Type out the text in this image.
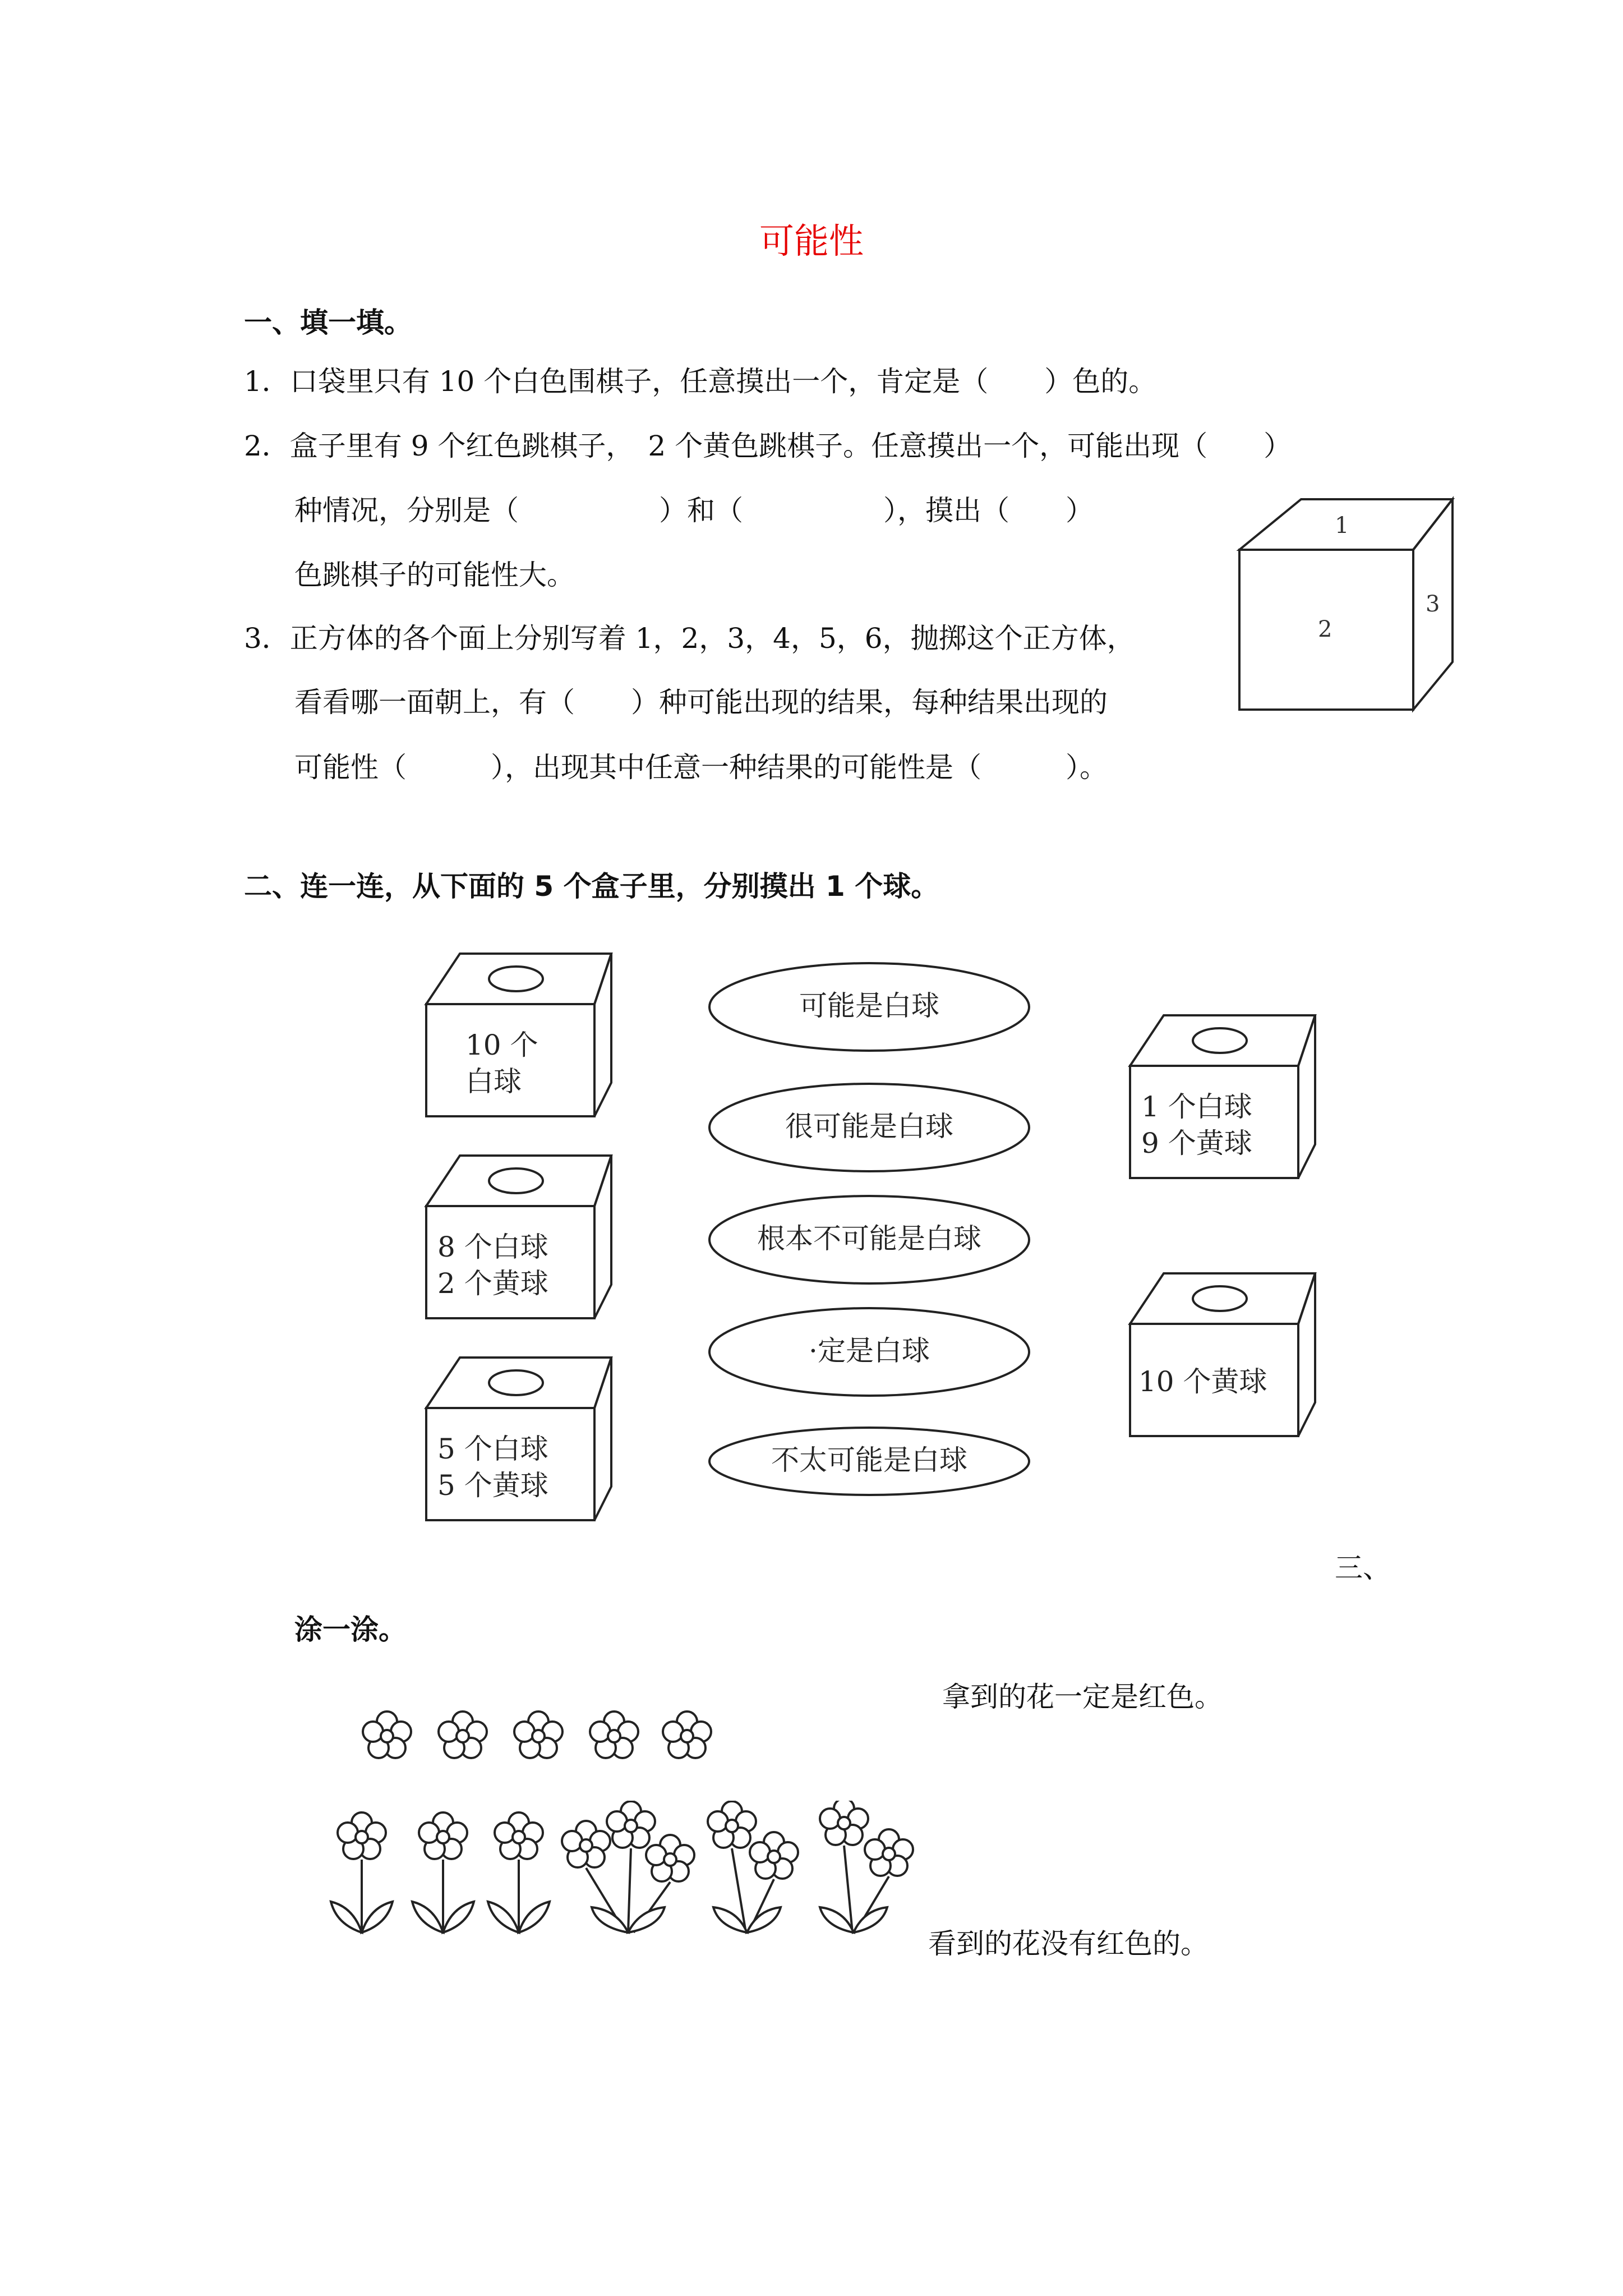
可能性
一、填一填。
1．口袋里只有 10 个白色围棋子，任意摸出一个，肯定是（　　）色的。
2．盒子里有 9 个红色跳棋子，　2 个黄色跳棋子。任意摸出一个，可能出现（　　）
种情况，分别是（　　　　　）和（　　　　　），摸出（　　）
色跳棋子的可能性大。
3．正方体的各个面上分别写着 1，2，3，4，5，6，抛掷这个正方体，
看看哪一面朝上，有（　　）种可能出现的结果，每种结果出现的
可能性（　　　），出现其中任意一种结果的可能性是（　　　）。
1
2
3
二、连一连，从下面的 5 个盒子里，分别摸出 1 个球。
10 个
白球
8 个白球
2 个黄球
5 个白球
5 个黄球
可能是白球
很可能是白球
根本不可能是白球
·定是白球
不太可能是白球
1 个白球
9 个黄球
10 个黄球
三、
涂一涂。
拿到的花一定是红色。
看到的花没有红色的。
